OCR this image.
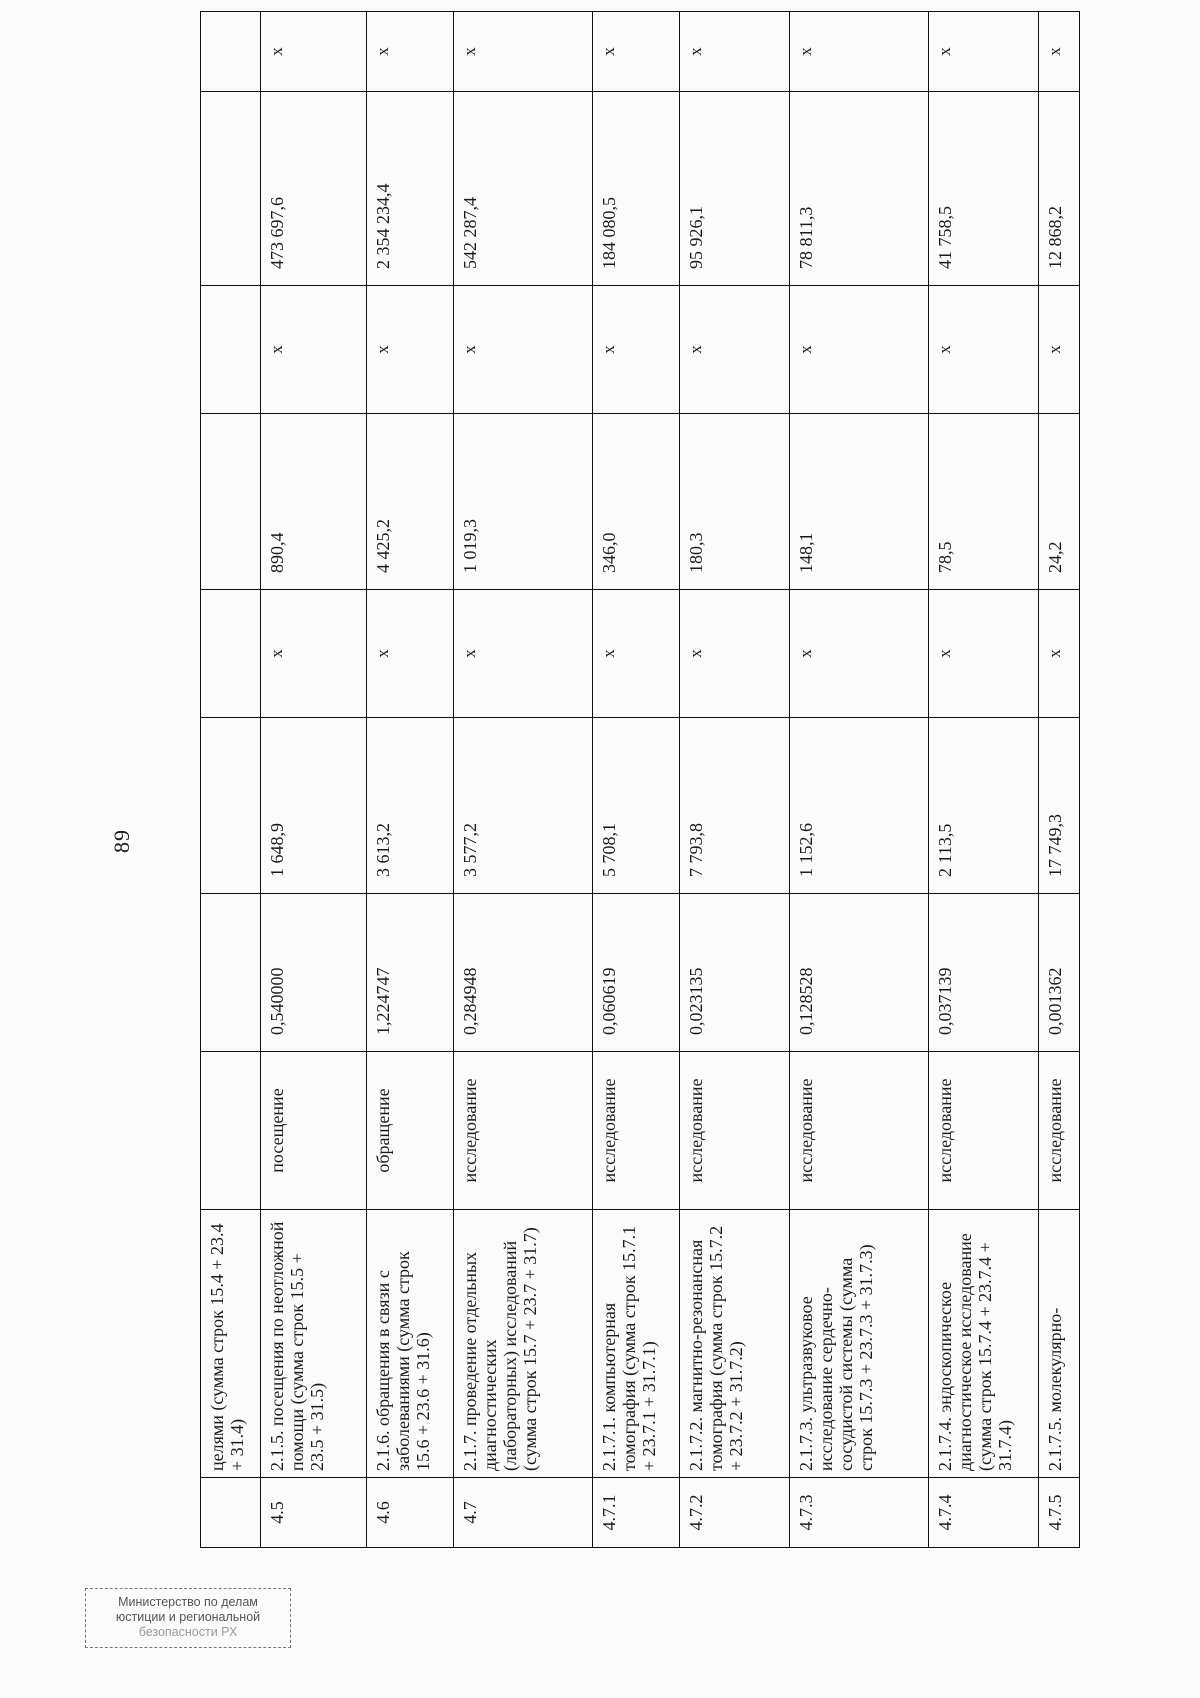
89
Министерство по делам
юстиции и региональной
безопасности РХ
	целями (сумма строк 15.4 + 23.4 + 31.4)								
4.5	2.1.5. посещения по неотложной помощи (сумма строк 15.5 + 23.5 + 31.5)	посещение	0,540000	1 648,9	x	890,4	x	473 697,6	x
4.6	2.1.6. обращения в связи с заболеваниями (сумма строк 15.6 + 23.6 + 31.6)	обращение	1,224747	3 613,2	x	4 425,2	x	2 354 234,4	x
4.7	2.1.7. проведение отдельных диагностических (лабораторных) исследований (сумма строк 15.7 + 23.7 + 31.7)	исследование	0,284948	3 577,2	x	1 019,3	x	542 287,4	x
4.7.1	2.1.7.1. компьютерная томография (сумма строк 15.7.1 + 23.7.1 + 31.7.1)	исследование	0,060619	5 708,1	x	346,0	x	184 080,5	x
4.7.2	2.1.7.2. магнитно-резонансная томография (сумма строк 15.7.2 + 23.7.2 + 31.7.2)	исследование	0,023135	7 793,8	x	180,3	x	95 926,1	x
4.7.3	2.1.7.3. ультразвуковое исследование сердечно-сосудистой системы (сумма строк 15.7.3 + 23.7.3 + 31.7.3)	исследование	0,128528	1 152,6	x	148,1	x	78 811,3	x
4.7.4	2.1.7.4. эндоскопическое диагностическое исследование (сумма строк 15.7.4 + 23.7.4 + 31.7.4)	исследование	0,037139	2 113,5	x	78,5	x	41 758,5	x
4.7.5	2.1.7.5. молекулярно-	исследование	0,001362	17 749,3	x	24,2	x	12 868,2	x
